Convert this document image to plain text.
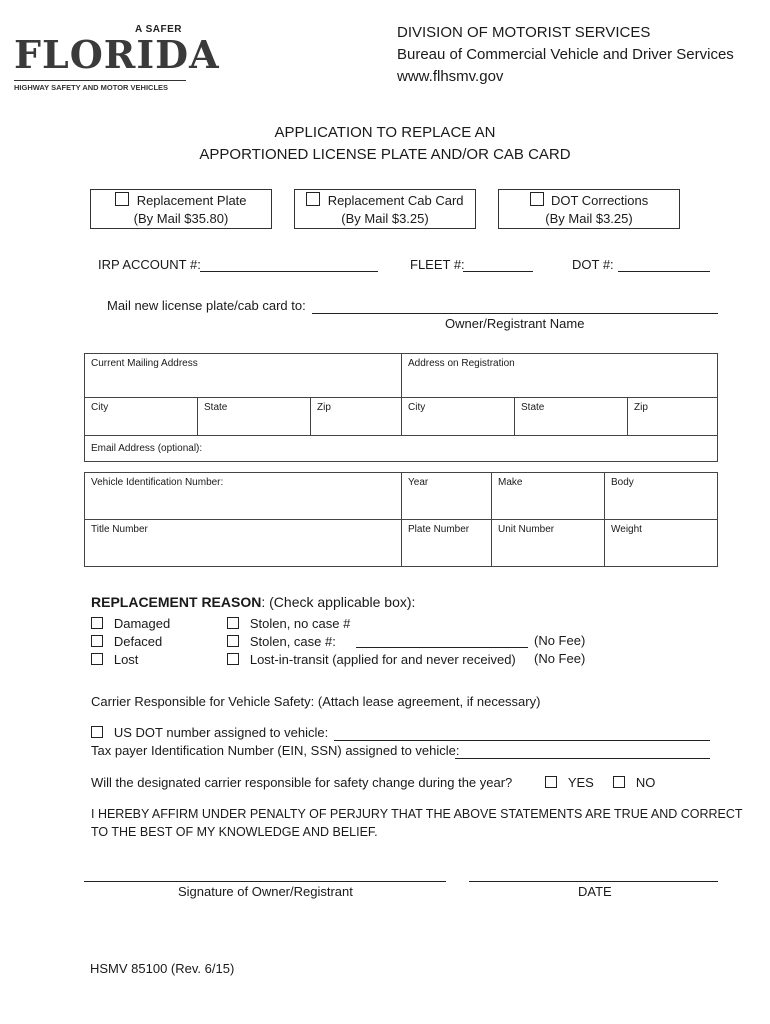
A SAFER
FLORIDA
HIGHWAY SAFETY AND MOTOR VEHICLES
DIVISION OF MOTORIST SERVICES
Bureau of Commercial Vehicle and Driver Services
www.flhsmv.gov
APPLICATION TO REPLACE AN
APPORTIONED LICENSE PLATE AND/OR CAB CARD
Replacement Plate
(By Mail $35.80)
Replacement Cab Card
(By Mail $3.25)
DOT Corrections
(By Mail $3.25)
IRP ACCOUNT #:	FLEET #:	DOT #:
Mail new license plate/cab card to:
Owner/Registrant Name
Current Mailing Address			Address on Registration		
City	State	Zip	City	State	Zip
Email Address (optional):					
Vehicle Identification Number:	Year	Make	Body
Title Number	Plate Number	Unit Number	Weight
REPLACEMENT REASON: (Check applicable box):
Damaged
Defaced
Lost
Stolen, no case #
Stolen, case #:
Lost-in-transit (applied for and never received)
(No Fee)
(No Fee)
Carrier Responsible for Vehicle Safety: (Attach lease agreement, if necessary)
US DOT number assigned to vehicle:
Tax payer Identification Number (EIN, SSN) assigned to vehicle:
Will the designated carrier responsible for safety change during the year?	YES	NO
I HEREBY AFFIRM UNDER PENALTY OF PERJURY THAT THE ABOVE STATEMENTS ARE TRUE AND CORRECT
TO THE BEST OF MY KNOWLEDGE AND BELIEF.
Signature of Owner/Registrant	DATE
HSMV 85100 (Rev. 6/15)
